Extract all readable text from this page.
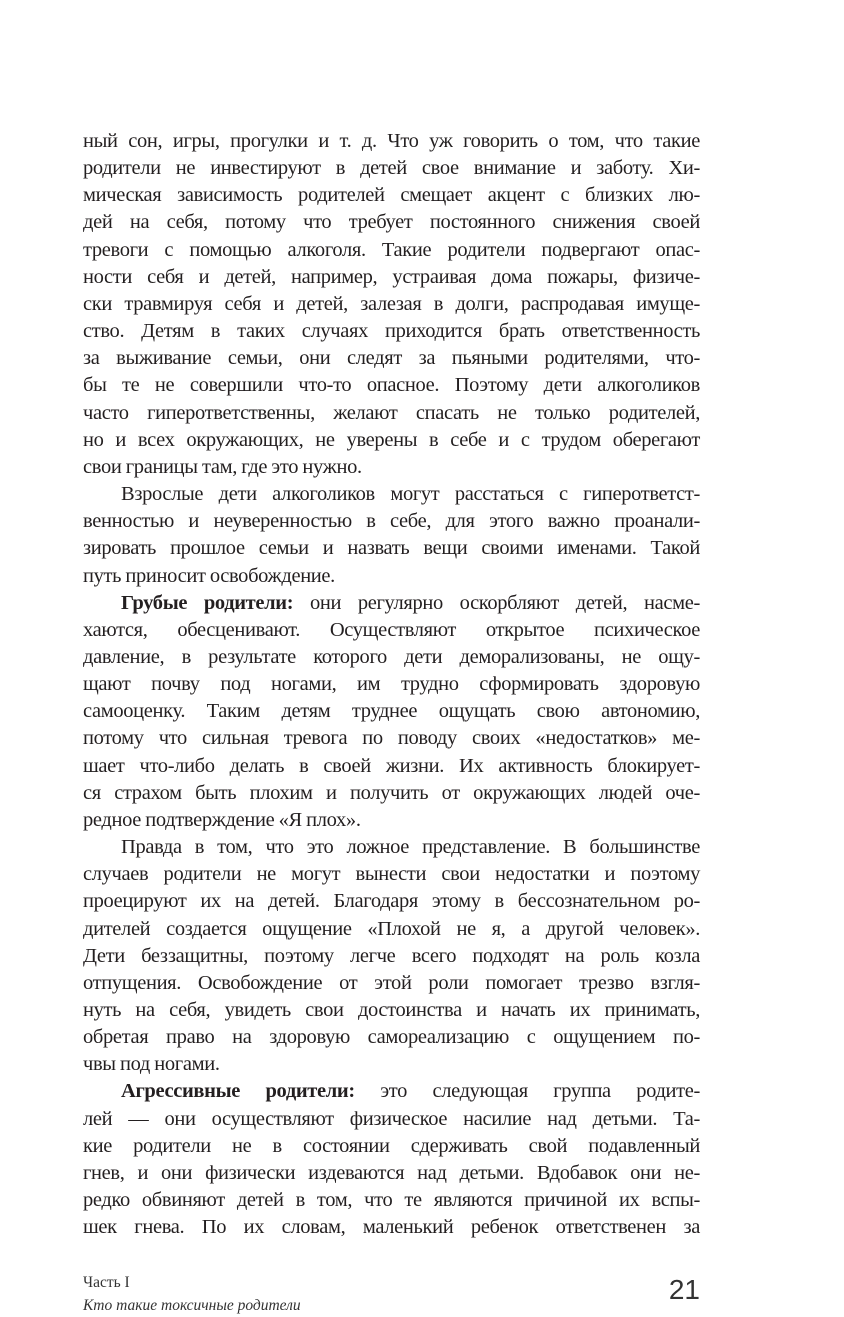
ный сон, игры, прогулки и т. д. Что уж говорить о том, что такие
родители не инвестируют в детей свое внимание и заботу. Хи-
мическая зависимость родителей смещает акцент с близких лю-
дей на себя, потому что требует постоянного снижения своей
тревоги с помощью алкоголя. Такие родители подвергают опас-
ности себя и детей, например, устраивая дома пожары, физиче-
ски травмируя себя и детей, залезая в долги, распродавая имуще-
ство. Детям в таких случаях приходится брать ответственность
за выживание семьи, они следят за пьяными родителями, что-
бы те не совершили что-то опасное. Поэтому дети алкоголиков
часто гиперответственны, желают спасать не только родителей,
но и всех окружающих, не уверены в себе и с трудом оберегают
свои границы там, где это нужно.
Взрослые дети алкоголиков могут расстаться с гиперответст-
венностью и неуверенностью в себе, для этого важно проанали-
зировать прошлое семьи и назвать вещи своими именами. Такой
путь приносит освобождение.
Грубые родители: они регулярно оскорбляют детей, насме-
хаются, обесценивают. Осуществляют открытое психическое
давление, в результате которого дети деморализованы, не ощу-
щают почву под ногами, им трудно сформировать здоровую
самооценку. Таким детям труднее ощущать свою автономию,
потому что сильная тревога по поводу своих «недостатков» ме-
шает что-либо делать в своей жизни. Их активность блокирует-
ся страхом быть плохим и получить от окружающих людей оче-
редное подтверждение «Я плох».
Правда в том, что это ложное представление. В большинстве
случаев родители не могут вынести свои недостатки и поэтому
проецируют их на детей. Благодаря этому в бессознательном ро-
дителей создается ощущение «Плохой не я, а другой человек».
Дети беззащитны, поэтому легче всего подходят на роль козла
отпущения. Освобождение от этой роли помогает трезво взгля-
нуть на себя, увидеть свои достоинства и начать их принимать,
обретая право на здоровую самореализацию с ощущением по-
чвы под ногами.
Агрессивные родители: это следующая группа родите-
лей — они осуществляют физическое насилие над детьми. Та-
кие родители не в состоянии сдерживать свой подавленный
гнев, и они физически издеваются над детьми. Вдобавок они не-
редко обвиняют детей в том, что те являются причиной их вспы-
шек гнева. По их словам, маленький ребенок ответственен за
Часть I
Кто такие токсичные родители
21
